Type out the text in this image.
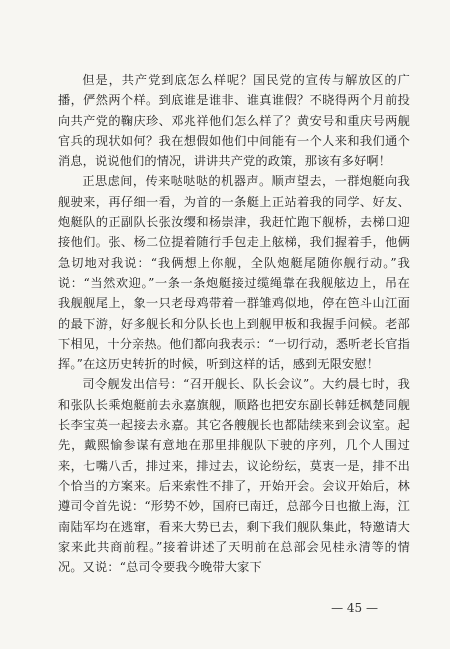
但是，共产党到底怎么样呢？国民党的宣传与解放区的广播，俨然两个样。到底谁是谁非、谁真谁假？不晓得两个月前投向共产党的鞠庆珍、邓兆祥他们怎么样了？黄安号和重庆号两舰官兵的现状如何？我在想假如他们中间能有一个人来和我们通个消息，说说他们的情况，讲讲共产党的政策，那该有多好啊！

正思虑间，传来哒哒哒的机器声。顺声望去，一群炮艇向我舰驶来，再仔细一看，为首的一条艇上正站着我的同学、好友、炮艇队的正副队长张汝缨和杨崇津，我赶忙跑下舰桥，去梯口迎接他们。张、杨二位提着随行手包走上舷梯，我们握着手，他俩急切地对我说：“我俩想上你舰，全队炮艇尾随你舰行动。”我说：“当然欢迎。”一条一条炮艇接过缆绳靠在我舰舷边上，吊在我舰舰尾上，象一只老母鸡带着一群雏鸡似地，停在笆斗山江面的最下游，好多舰长和分队长也上到舰甲板和我握手问候。老部下相见，十分亲热。他们都向我表示：“一切行动，悉听老长官指挥。”在这历史转折的时候，听到这样的话，感到无限安慰！

司令舰发出信号：“召开舰长、队长会议”。大约晨七时，我和张队长乘炮艇前去永嘉旗舰，顺路也把安东副长韩廷枫楚同舰长李宝英一起接去永嘉。其它各艘舰长也都陆续来到会议室。起先，戴熙愉参谋有意地在那里排舰队下驶的序列，几个人围过来，七嘴八舌，排过来，排过去，议论纷纭，莫衷一是，排不出个恰当的方案来。后来索性不排了，开始开会。会议开始后，林遵司令首先说：“形势不妙，国府已南迁，总部今日也撤上海，江南陆军均在逃窜，看来大势已去，剩下我们舰队集此，特邀请大家来此共商前程。”接着讲述了天明前在总部会见桂永清等的情况。又说：“总司令要我今晚带大家下

— 45 —
